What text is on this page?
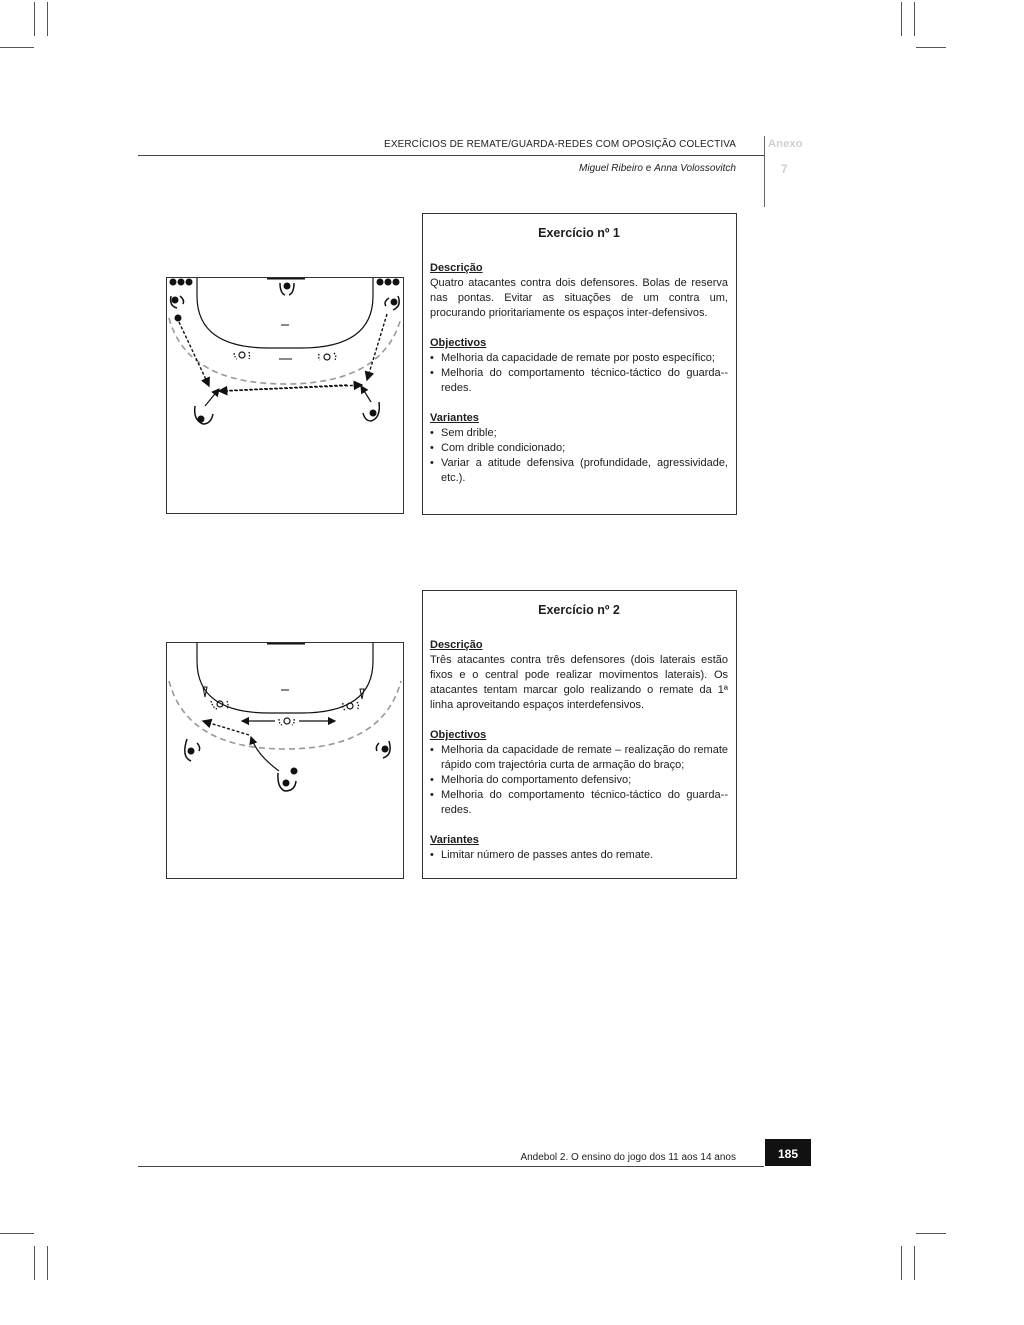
EXERCÍCIOS DE REMATE/GUARDA-REDES COM OPOSIÇÃO COLECTIVA
Miguel Ribeiro e Anna Volossovitch
Anexo
7
Exercício nº 1
Descrição
Quatro atacantes contra dois defensores. Bolas de reserva nas pontas. Evitar as situações de um contra um, procurando prioritariamente os espaços inter-defensivos.
Objectivos
• Melhoria da capacidade de remate por posto específico;
• Melhoria do comportamento técnico-táctico do guarda--redes.
Variantes
• Sem drible;
• Com drible condicionado;
• Variar a atitude defensiva (profundidade, agressividade, etc.).
Exercício nº 2
Descrição
Três atacantes contra três defensores (dois laterais estão fixos e o central pode realizar movimentos laterais). Os atacantes tentam marcar golo realizando o remate da 1ª linha aproveitando espaços interdefensivos.
Objectivos
• Melhoria da capacidade de remate – realização do remate rápido com trajectória curta de armação do braço;
• Melhoria do comportamento defensivo;
• Melhoria do comportamento técnico-táctico do guarda--redes.
Variantes
• Limitar número de passes antes do remate.
Andebol 2. O ensino do jogo dos 11 aos 14 anos	185
